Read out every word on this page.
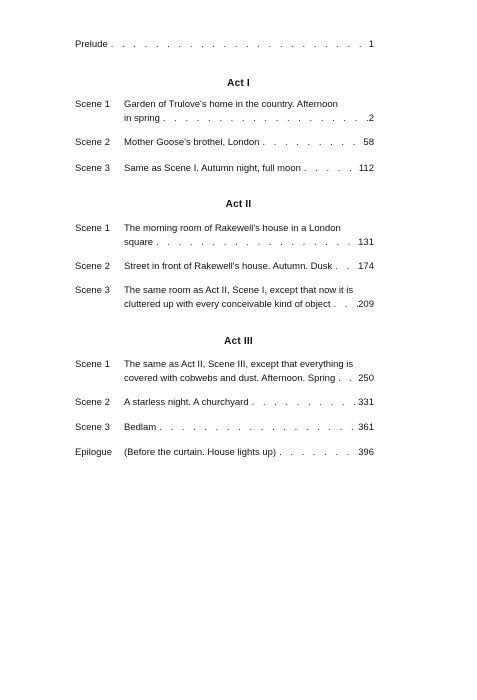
Prelude . . .	1
Act I
Scene 1	Garden of Trulove's home in the country. Afternoon
in spring . . .	2
Scene 2	Mother Goose's brothel, London . . .	58
Scene 3	Same as Scene I. Autumn night, full moon . . .	112
Act II
Scene 1	The morning room of Rakewell's house in a London
square . . .	131
Scene 2	Street in front of Rakewell's house. Autumn. Dusk . . .	174
Scene 3	The same room as Act II, Scene I, except that now it is
cluttered up with every conceivable kind of object . . .	209
Act III
Scene 1	The same as Act II, Scene III, except that everything is
covered with cobwebs and dust. Afternoon. Spring . . . 250
Scene 2	A starless night. A churchyard . . .	331
Scene 3	Bedlam . . .	361
Epilogue	(Before the curtain. House lights up) . . .	396
